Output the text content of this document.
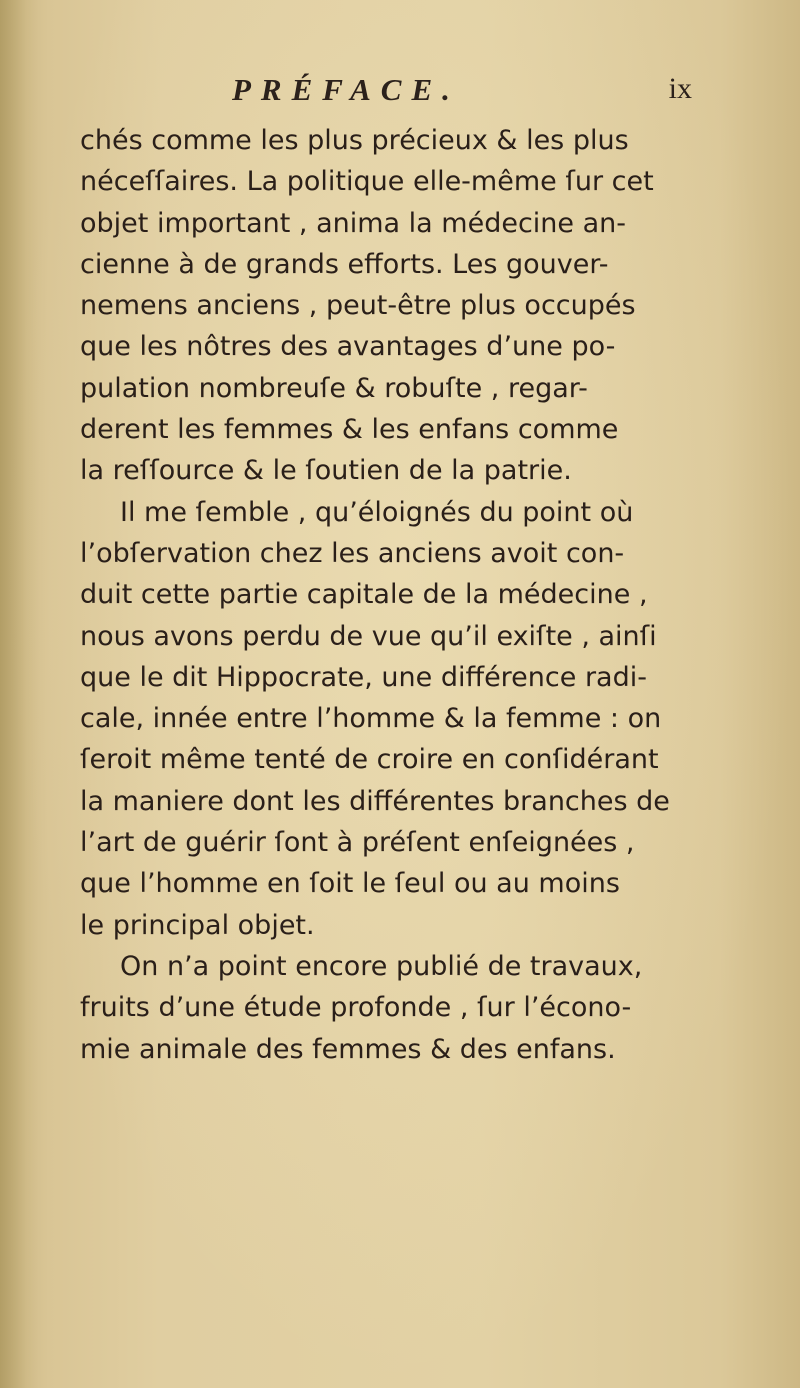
PRÉFACE.	ix
chés comme les plus précieux & les plus
néceſſaires. La politique elle-même ſur cet
objet important , anima la médecine an-
cienne à de grands efforts. Les gouver-
nemens anciens , peut-être plus occupés
que les nôtres des avantages d’une po-
pulation nombreuſe & robuſte , regar-
derent les femmes & les enfans comme
la reſſource & le ſoutien de la patrie.
Il me ſemble , qu’éloignés du point où
l’obſervation chez les anciens avoit con-
duit cette partie capitale de la médecine ,
nous avons perdu de vue qu’il exiſte , ainſi
que le dit Hippocrate, une différence radi-
cale, innée entre l’homme & la femme : on
ſeroit même tenté de croire en conſidérant
la maniere dont les différentes branches de
l’art de guérir ſont à préſent enſeignées ,
que l’homme en ſoit le ſeul ou au moins
le principal objet.
On n’a point encore publié de travaux,
fruits d’une étude profonde , ſur l’écono-
mie animale des femmes & des enfans.
